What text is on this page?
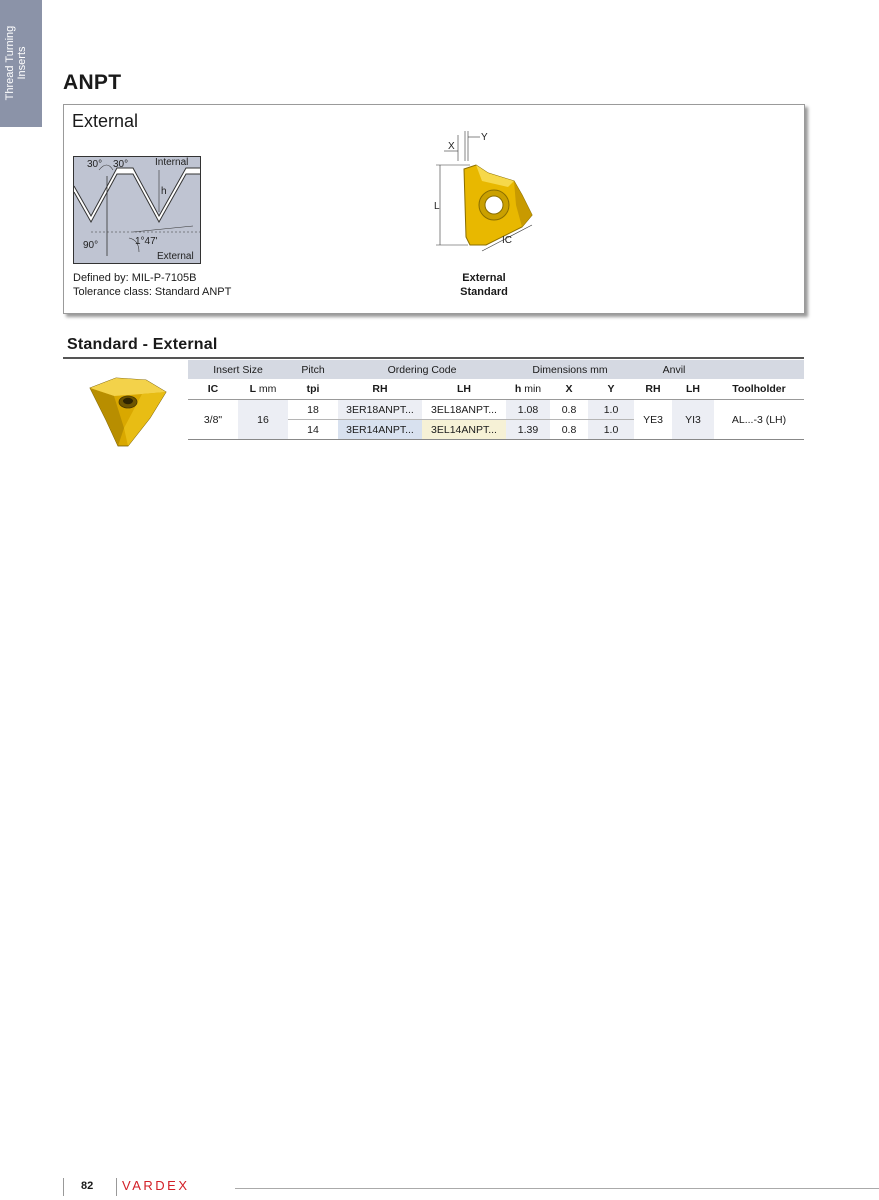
Thread Turning Inserts
ANPT
External
30° 30°	Internal
h
90°	1°47'
External
Defined by: MIL-P-7105B
Tolerance class: Standard ANPT
X
Y
L
IC
External
Standard
Standard - External
Insert Size		Pitch	Ordering Code		Dimensions mm			Anvil		
IC	L mm	tpi	RH	LH	h min	X	Y	RH	LH	Toolholder
3/8"	16	18	3ER18ANPT...	3EL18ANPT...	1.08	0.8	1.0	YE3	YI3	AL...-3 (LH)
		14	3ER14ANPT...	3EL14ANPT...	1.39	0.8	1.0			
82 VARDEX
